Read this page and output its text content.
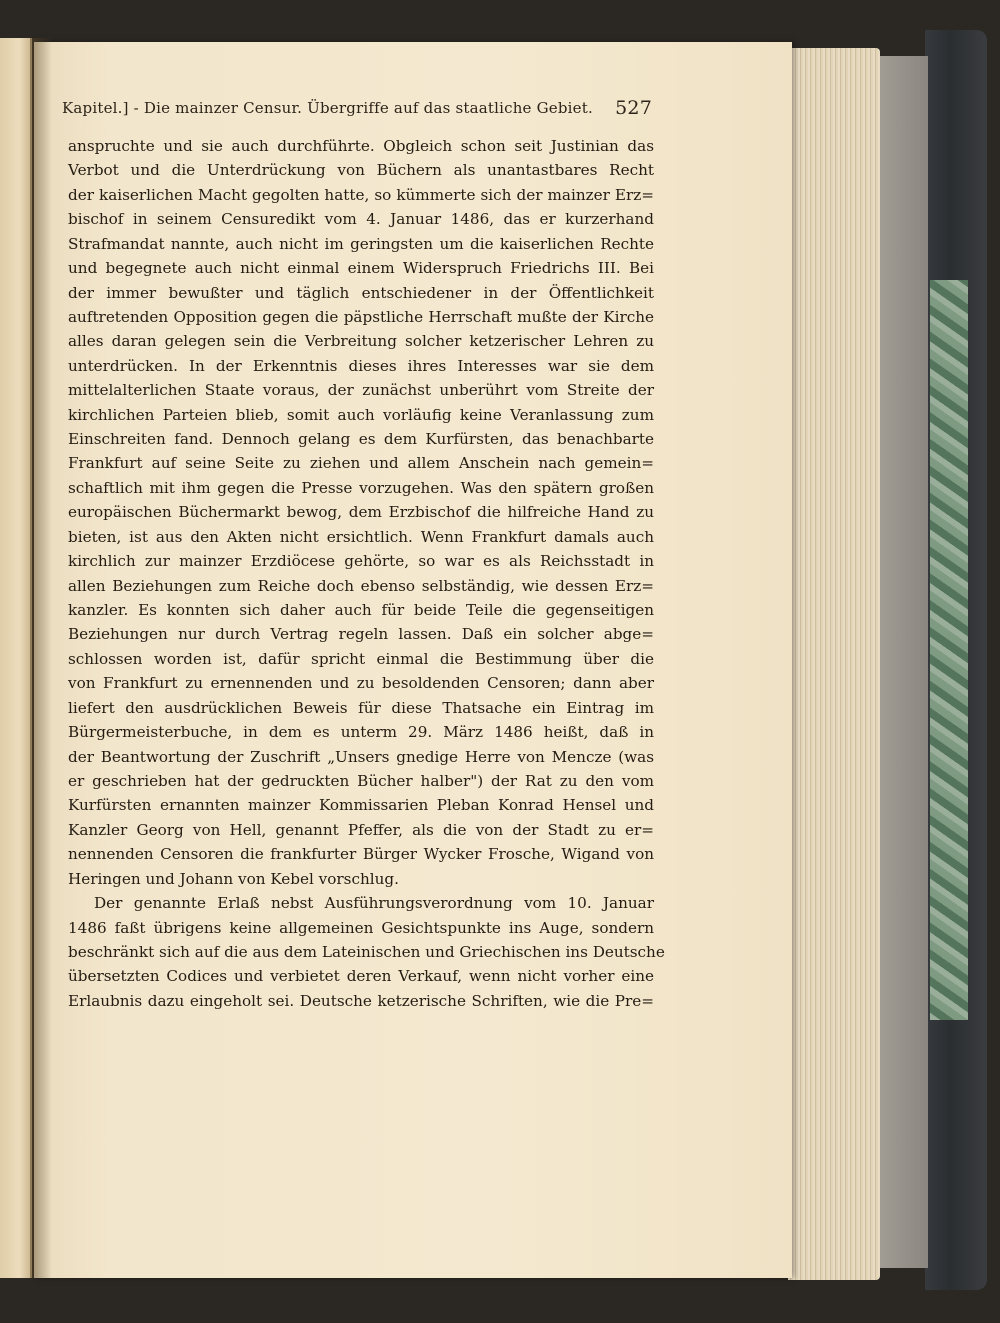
Kapitel.] - Die mainzer Censur. Übergriffe auf das staatliche Gebiet. 527
anspruchte und sie auch durchführte. Obgleich schon seit Justinian das
Verbot und die Unterdrückung von Büchern als unantastbares Recht
der kaiserlichen Macht gegolten hatte, so kümmerte sich der mainzer Erz=
bischof in seinem Censuredikt vom 4. Januar 1486, das er kurzerhand
Strafmandat nannte, auch nicht im geringsten um die kaiserlichen Rechte
und begegnete auch nicht einmal einem Widerspruch Friedrichs III. Bei
der immer bewußter und täglich entschiedener in der Öffentlichkeit
auftretenden Opposition gegen die päpstliche Herrschaft mußte der Kirche
alles daran gelegen sein die Verbreitung solcher ketzerischer Lehren zu
unterdrücken. In der Erkenntnis dieses ihres Interesses war sie dem
mittelalterlichen Staate voraus, der zunächst unberührt vom Streite der
kirchlichen Parteien blieb, somit auch vorläufig keine Veranlassung zum
Einschreiten fand. Dennoch gelang es dem Kurfürsten, das benachbarte
Frankfurt auf seine Seite zu ziehen und allem Anschein nach gemein=
schaftlich mit ihm gegen die Presse vorzugehen. Was den spätern großen
europäischen Büchermarkt bewog, dem Erzbischof die hilfreiche Hand zu
bieten, ist aus den Akten nicht ersichtlich. Wenn Frankfurt damals auch
kirchlich zur mainzer Erzdiöcese gehörte, so war es als Reichsstadt in
allen Beziehungen zum Reiche doch ebenso selbständig, wie dessen Erz=
kanzler. Es konnten sich daher auch für beide Teile die gegenseitigen
Beziehungen nur durch Vertrag regeln lassen. Daß ein solcher abge=
schlossen worden ist, dafür spricht einmal die Bestimmung über die
von Frankfurt zu ernennenden und zu besoldenden Censoren; dann aber
liefert den ausdrücklichen Beweis für diese Thatsache ein Eintrag im
Bürgermeisterbuche, in dem es unterm 29. März 1486 heißt, daß in
der Beantwortung der Zuschrift „Unsers gnedige Herre von Mencze (was
er geschrieben hat der gedruckten Bücher halber") der Rat zu den vom
Kurfürsten ernannten mainzer Kommissarien Pleban Konrad Hensel und
Kanzler Georg von Hell, genannt Pfeffer, als die von der Stadt zu er=
nennenden Censoren die frankfurter Bürger Wycker Frosche, Wigand von
Heringen und Johann von Kebel vorschlug.
Der genannte Erlaß nebst Ausführungsverordnung vom 10. Januar
1486 faßt übrigens keine allgemeinen Gesichtspunkte ins Auge, sondern
beschränkt sich auf die aus dem Lateinischen und Griechischen ins Deutsche
übersetzten Codices und verbietet deren Verkauf, wenn nicht vorher eine
Erlaubnis dazu eingeholt sei. Deutsche ketzerische Schriften, wie die Pre=
